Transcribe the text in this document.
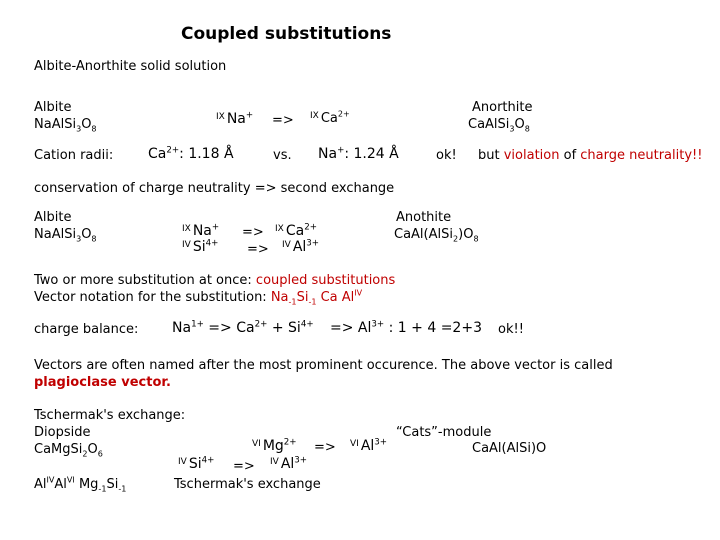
Coupled substitutions
Albite-Anorthite solid solution
Albite
$NaAlSi_3O_8$
$^{IX}$ Na+ => $^{IX}$ $Ca^{2+}$	Anorthite
$CaAlSi_3O_8$
Cation radii: $Ca^{2+}$: 1.18 Å	vs. Na+: 1.24 Å	ok! but violation of charge neutrality!!
conservation of charge neutrality => second exchange
Albite
$NaAlSi_3O_8$
$^{IX}$ Na+ => $^{IX}$ $Ca^{2+}$
$^{IV}$ $Si^{4+} => ^{IV}$ $Al^{3+}$
Anothite
$CaAl(AlSi_2)O_8$
Two or more substitution at once: coupled substitutions
Vector notation for the substitution: $Na_{-1}Si_{-1}$ Ca $Al^{IV}$
charge balance: $Na^{1+} => Ca^{2+} + Si^{4+} => Al^{3+}$ : 1 + 4 =2+3 ok!!
Vectors are often named after the most prominent occurence. The above vector is called
plagioclase vector.
Tschermak's exchange:
Diopside
$CaMgSi_2O_6$
$^{VI}$ $Mg^{2+} => ^{VI}$ $Al^{3+}$
$^{IV}$ $Si^{4+} => ^{IV}$ $Al^{3+}$
$Al^{IV}Al^{VI}$ $Mg_{-1}Si_{-1}$	Tschermak's exchange
“Cats”-module
CaAl(AlSi)O
